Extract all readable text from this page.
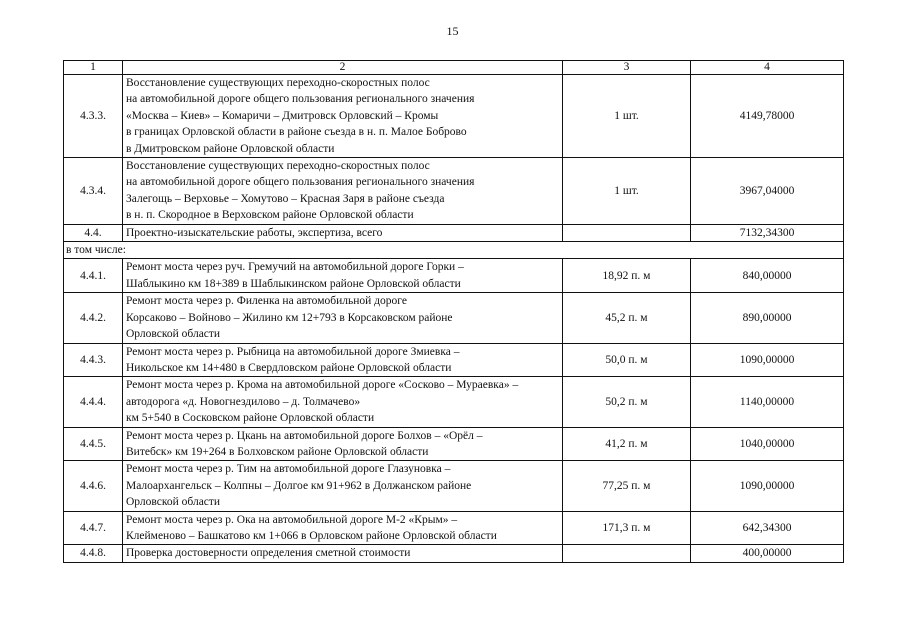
15
1	2	3	4
4.3.3.	Восстановление существующих переходно-скоростных полос
на автомобильной дороге общего пользования регионального значения
«Москва – Киев» – Комаричи – Дмитровск Орловский – Кромы
в границах Орловской области в районе съезда в н. п. Малое Боброво
в Дмитровском районе Орловской области	1 шт.	4149,78000
4.3.4.	Восстановление существующих переходно-скоростных полос
на автомобильной дороге общего пользования регионального значения
Залегощь – Верховье – Хомутово – Красная Заря в районе съезда
в н. п. Скородное в Верховском районе Орловской области	1 шт.	3967,04000
4.4.	Проектно-изыскательские работы, экспертиза, всего		7132,34300
в том числе:			
4.4.1.	Ремонт моста через руч. Гремучий на автомобильной дороге Горки –
Шаблыкино км 18+389 в Шаблыкинском районе Орловской области	18,92 п. м	840,00000
4.4.2.	Ремонт моста через р. Филенка на автомобильной дороге
Корсаково – Войново – Жилино км 12+793 в Корсаковском районе
Орловской области	45,2 п. м	890,00000
4.4.3.	Ремонт моста через р. Рыбница на автомобильной дороге Змиевка –
Никольское км 14+480 в Свердловском районе Орловской области	50,0 п. м	1090,00000
4.4.4.	Ремонт моста через р. Крома на автомобильной дороге «Сосково – Мураевка» –
автодорога «д. Новогнездилово – д. Толмачево»
км 5+540 в Сосковском районе Орловской области	50,2 п. м	1140,00000
4.4.5.	Ремонт моста через р. Цкань на автомобильной дороге Болхов – «Орёл –
Витебск» км 19+264 в Болховском районе Орловской области	41,2 п. м	1040,00000
4.4.6.	Ремонт моста через р. Тим на автомобильной дороге Глазуновка –
Малоархангельск – Колпны – Долгое км 91+962 в Должанском районе
Орловской области	77,25 п. м	1090,00000
4.4.7.	Ремонт моста через р. Ока на автомобильной дороге М-2 «Крым» –
Клейменово – Башкатово км 1+066 в Орловском районе Орловской области	171,3 п. м	642,34300
4.4.8.	Проверка достоверности определения сметной стоимости		400,00000
